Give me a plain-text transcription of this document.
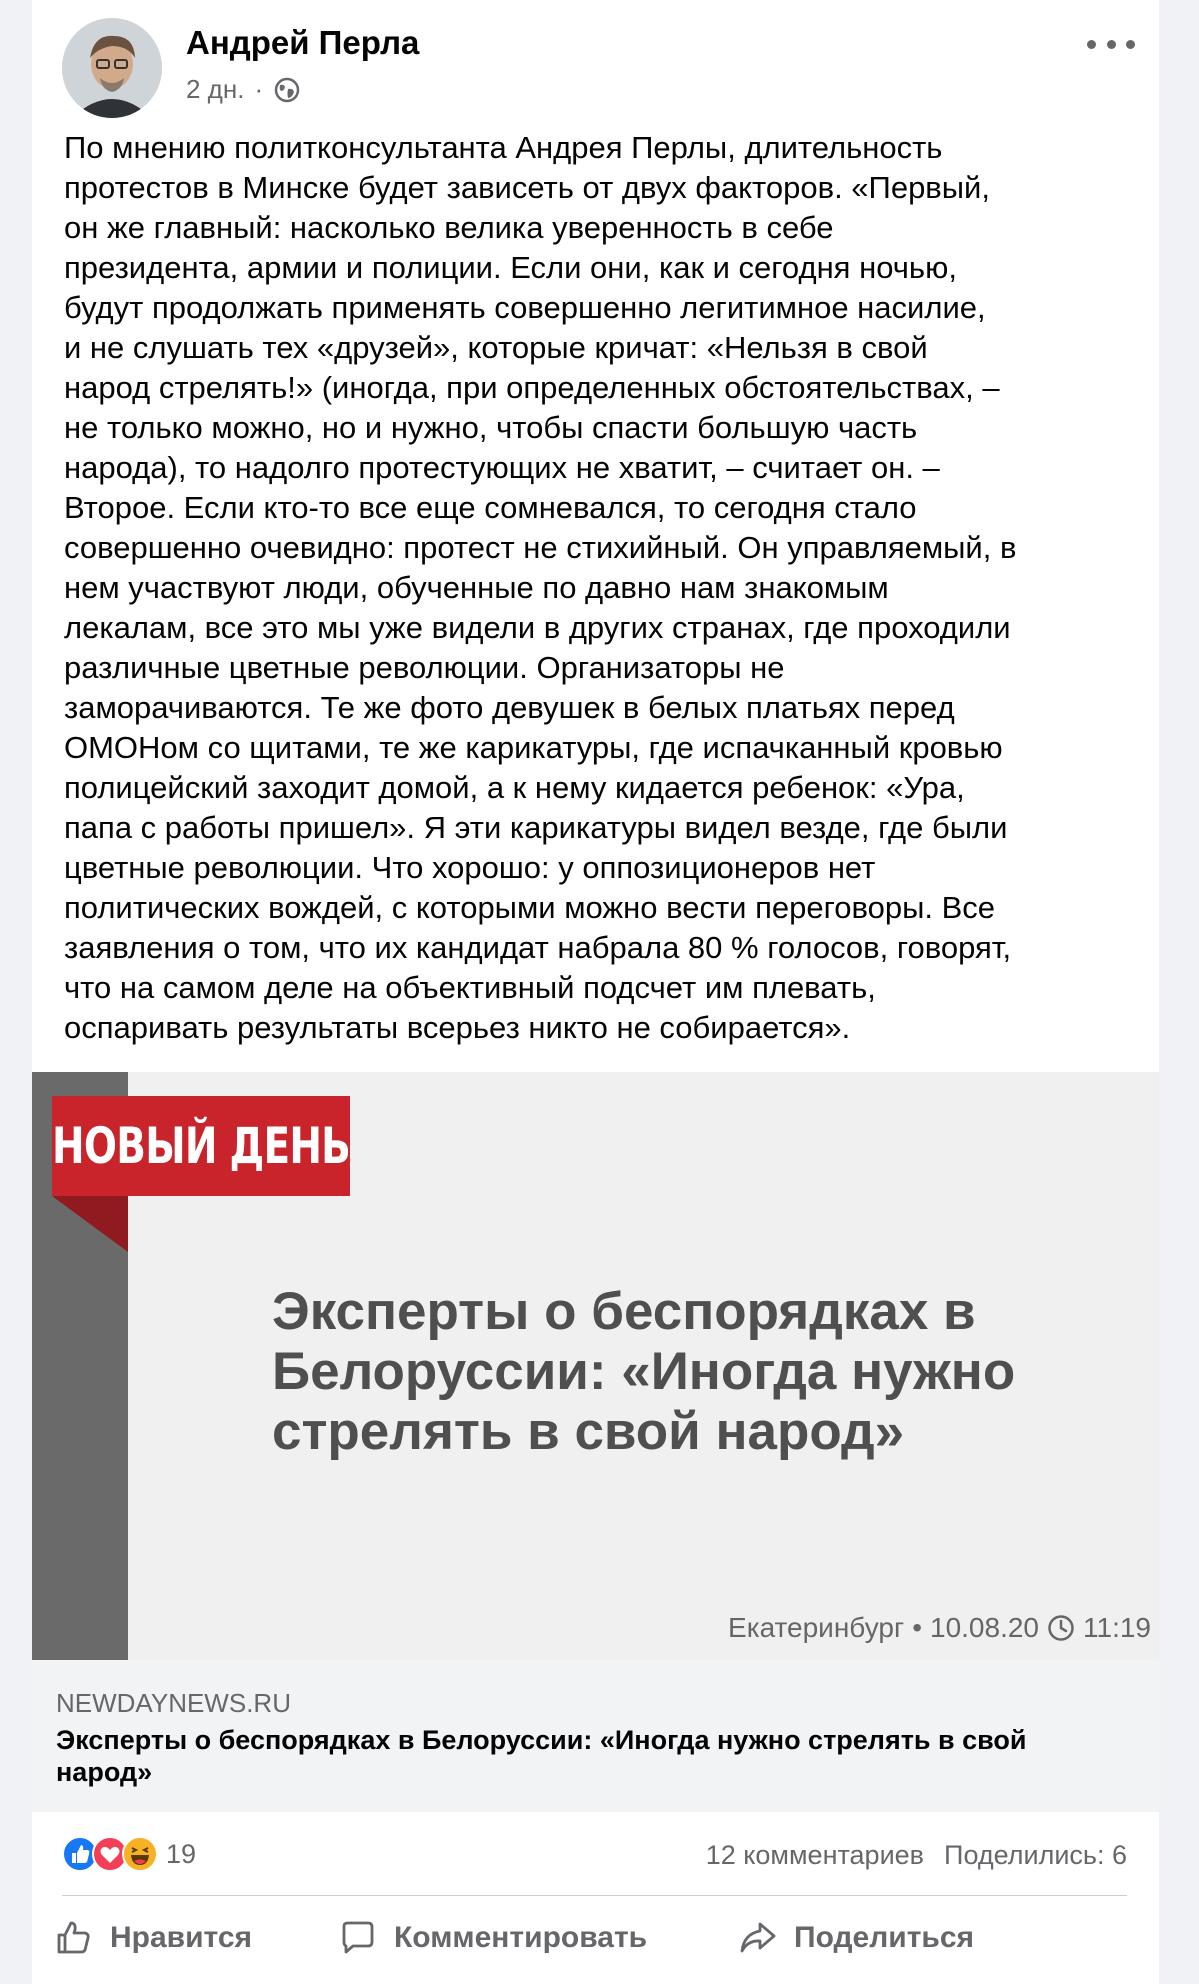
Андрей Перла
2 дн. ·
По мнению политконсультанта Андрея Перлы, длительность
протестов в Минске будет зависеть от двух факторов. «Первый,
он же главный: насколько велика уверенность в себе
президента, армии и полиции. Если они, как и сегодня ночью,
будут продолжать применять совершенно легитимное насилие,
и не слушать тех «друзей», которые кричат: «Нельзя в свой
народ стрелять!» (иногда, при определенных обстоятельствах, –
не только можно, но и нужно, чтобы спасти большую часть
народа), то надолго протестующих не хватит, – считает он. –
Второе. Если кто-то все еще сомневался, то сегодня стало
совершенно очевидно: протест не стихийный. Он управляемый, в
нем участвуют люди, обученные по давно нам знакомым
лекалам, все это мы уже видели в других странах, где проходили
различные цветные революции. Организаторы не
заморачиваются. Те же фото девушек в белых платьях перед
ОМОНом со щитами, те же карикатуры, где испачканный кровью
полицейский заходит домой, а к нему кидается ребенок: «Ура,
папа с работы пришел». Я эти карикатуры видел везде, где были
цветные революции. Что хорошо: у оппозиционеров нет
политических вождей, с которыми можно вести переговоры. Все
заявления о том, что их кандидат набрала 80 % голосов, говорят,
что на самом деле на объективный подсчет им плевать,
оспаривать результаты всерьез никто не собирается».
НОВЫЙ ДЕНЬ
Эксперты о беспорядках в Белоруссии: «Иногда нужно стрелять в свой народ»
Екатеринбург • 10.08.20 11:19
NEWDAYNEWS.RU
Эксперты о беспорядках в Белоруссии: «Иногда нужно стрелять в свой народ»
19	12 комментариев Поделились: 6
Нравится	Комментировать	Поделиться
